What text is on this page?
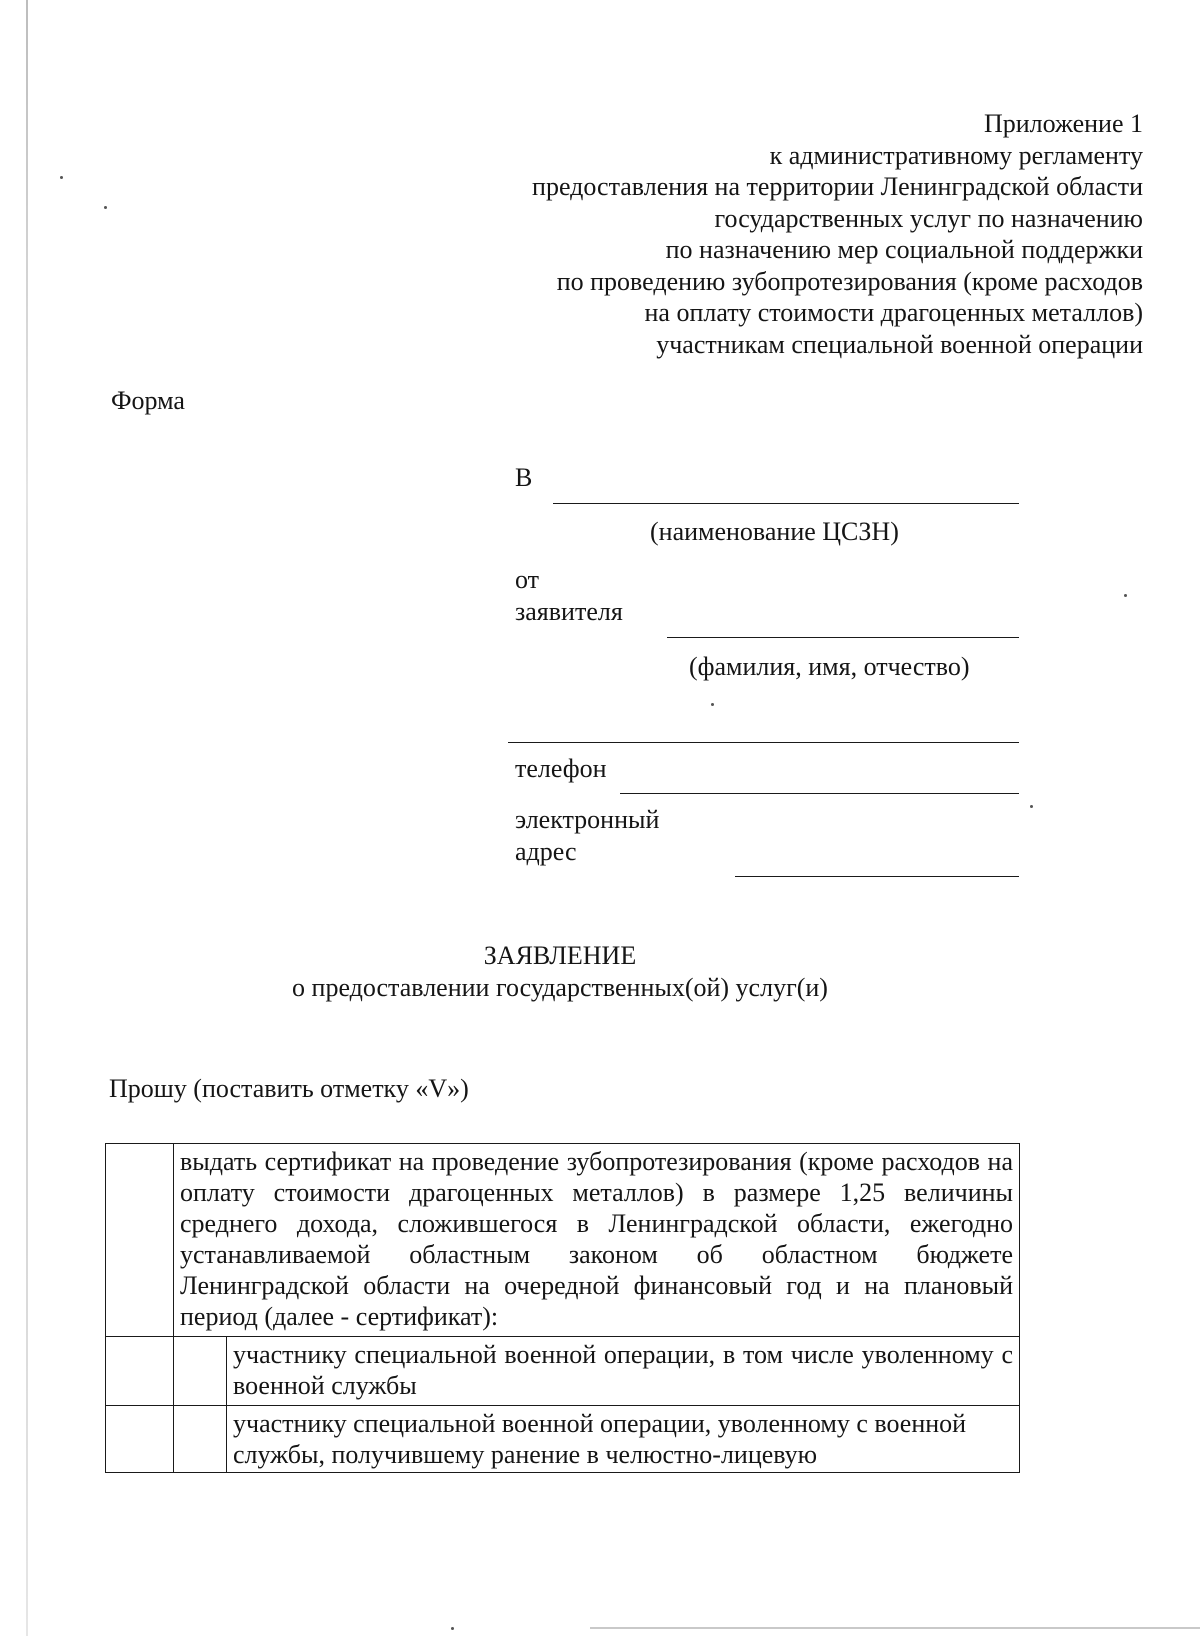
Приложение 1
к административному регламенту
предоставления на территории Ленинградской области
государственных услуг по назначению
по назначению мер социальной поддержки
по проведению зубопротезирования (кроме расходов
на оплату стоимости драгоценных металлов)
участникам специальной военной операции
Форма
В
(наименование ЦСЗН)
от
заявителя
(фамилия, имя, отчество)
телефон
электронный
адрес
ЗАЯВЛЕНИЕ
о предоставлении государственных(ой) услуг(и)
Прошу (поставить отметку «V»)

	выдать сертификат на проведение зубопротезирования (кроме расходов на оплату стоимости драгоценных металлов) в размере 1,25 величины среднего дохода, сложившегося в Ленинградской области, ежегодно устанавливаемой областным законом об областном бюджете Ленинградской области на очередной финансовый год и на плановый период (далее - сертификат):	

		участнику специальной военной операции, в том числе уволенному с военной службы

		участнику специальной военной операции, уволенному с военной службы, получившему ранение в челюстно-лицевую
